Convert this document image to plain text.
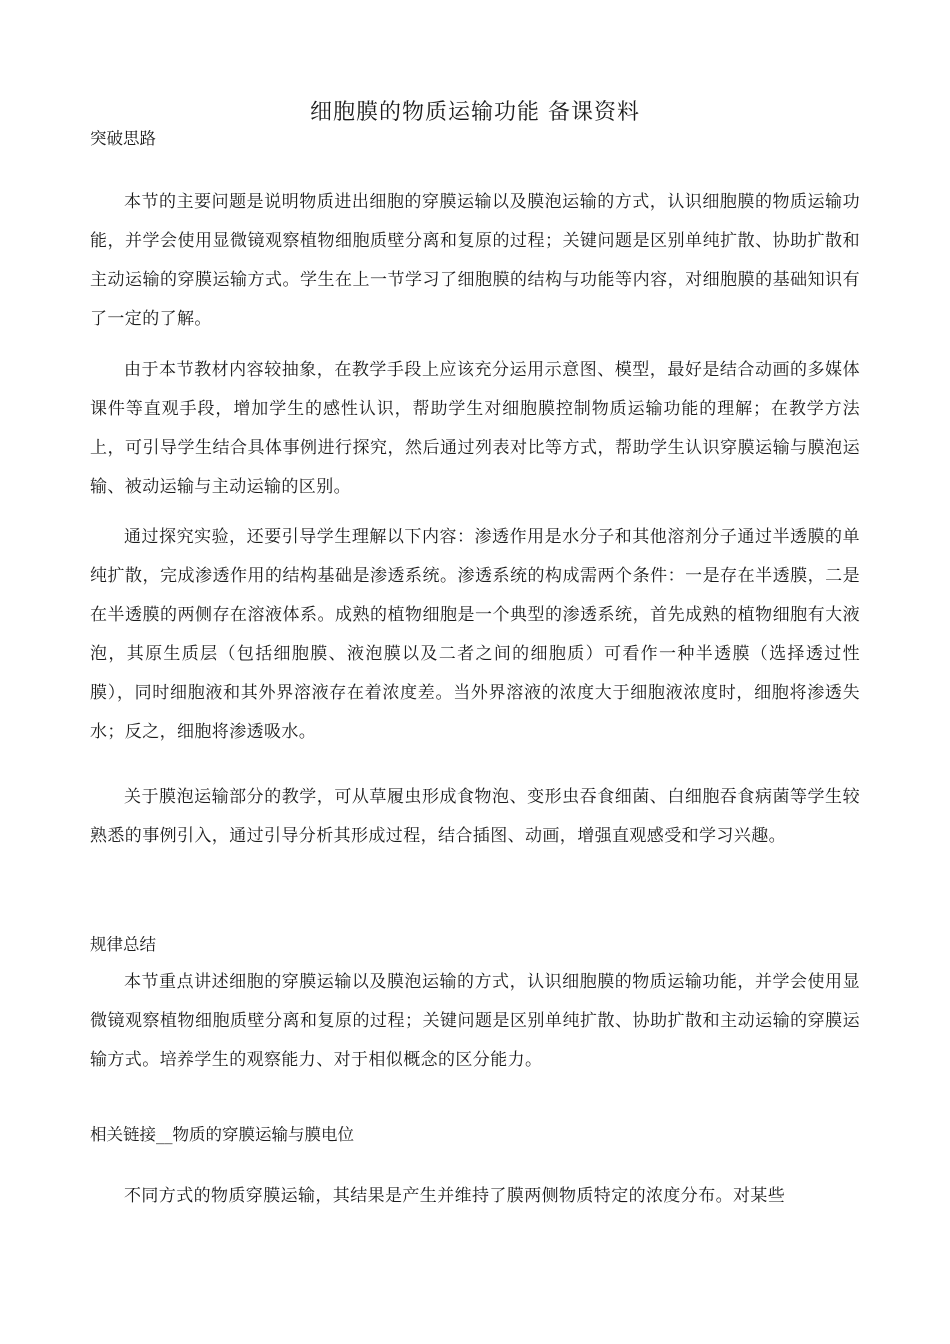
细胞膜的物质运输功能 备课资料
突破思路

本节的主要问题是说明物质进出细胞的穿膜运输以及膜泡运输的方式，认识细胞膜的物质运输功能，并学会使用显微镜观察植物细胞质壁分离和复原的过程；关键问题是区别单纯扩散、协助扩散和主动运输的穿膜运输方式。学生在上一节学习了细胞膜的结构与功能等内容，对细胞膜的基础知识有了一定的了解。

由于本节教材内容较抽象，在教学手段上应该充分运用示意图、模型，最好是结合动画的多媒体课件等直观手段，增加学生的感性认识，帮助学生对细胞膜控制物质运输功能的理解；在教学方法上，可引导学生结合具体事例进行探究，然后通过列表对比等方式，帮助学生认识穿膜运输与膜泡运输、被动运输与主动运输的区别。

通过探究实验，还要引导学生理解以下内容：渗透作用是水分子和其他溶剂分子通过半透膜的单纯扩散，完成渗透作用的结构基础是渗透系统。渗透系统的构成需两个条件：一是存在半透膜，二是在半透膜的两侧存在溶液体系。成熟的植物细胞是一个典型的渗透系统，首先成熟的植物细胞有大液泡，其原生质层（包括细胞膜、液泡膜以及二者之间的细胞质）可看作一种半透膜（选择透过性膜），同时细胞液和其外界溶液存在着浓度差。当外界溶液的浓度大于细胞液浓度时，细胞将渗透失水；反之，细胞将渗透吸水。

关于膜泡运输部分的教学，可从草履虫形成食物泡、变形虫吞食细菌、白细胞吞食病菌等学生较熟悉的事例引入，通过引导分析其形成过程，结合插图、动画，增强直观感受和学习兴趣。

规律总结

本节重点讲述细胞的穿膜运输以及膜泡运输的方式，认识细胞膜的物质运输功能，并学会使用显微镜观察植物细胞质壁分离和复原的过程；关键问题是区别单纯扩散、协助扩散和主动运输的穿膜运输方式。培养学生的观察能力、对于相似概念的区分能力。

相关链接__物质的穿膜运输与膜电位

不同方式的物质穿膜运输，其结果是产生并维持了膜两侧物质特定的浓度分布。对某些
